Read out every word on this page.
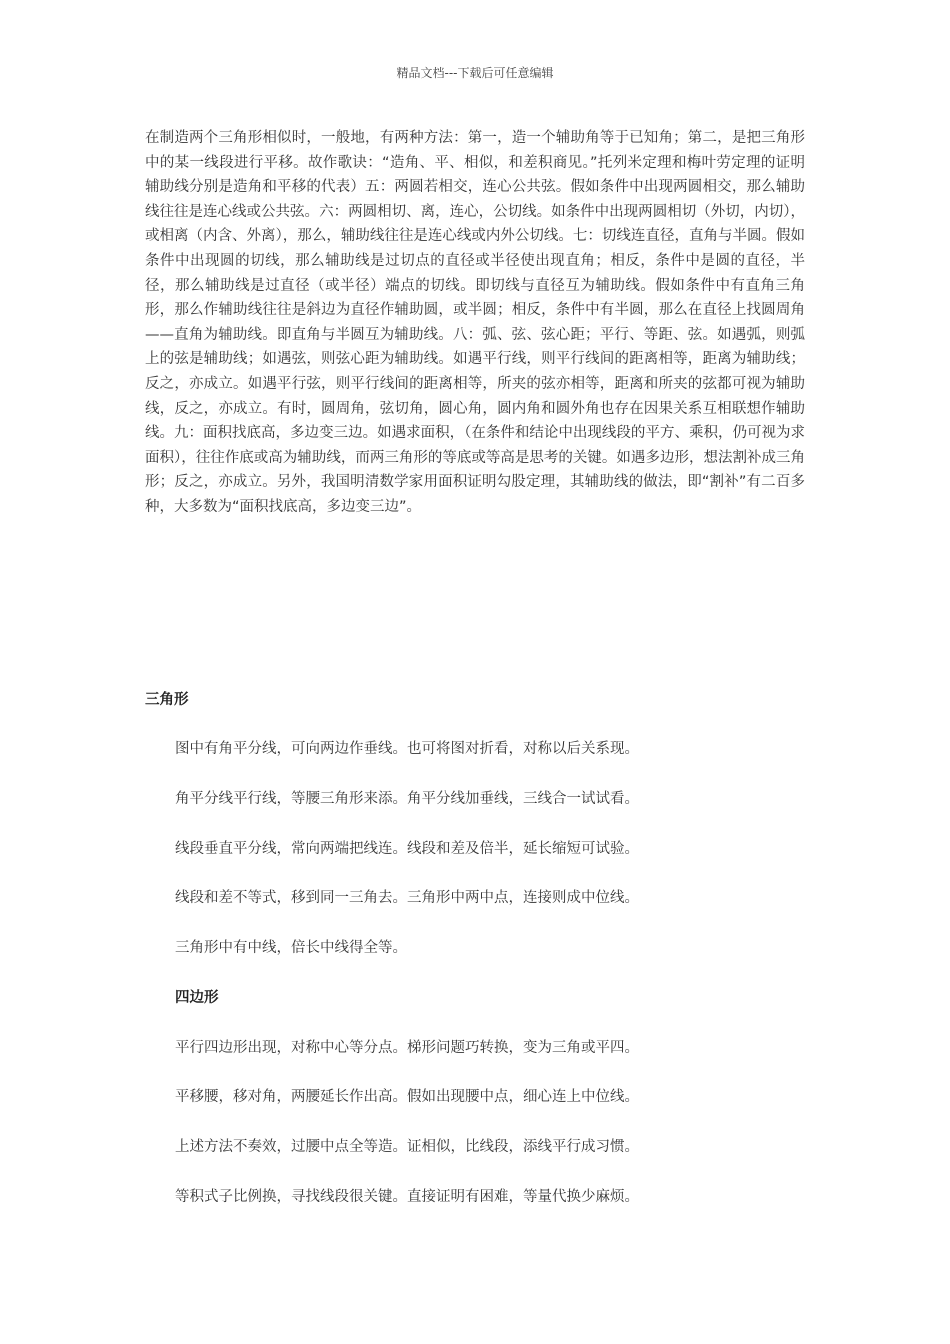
精品文档---下载后可任意编辑
在制造两个三角形相似时，一般地，有两种方法：第一，造一个辅助角等于已知角；第二，是把三角形中的某一线段进行平移。故作歌诀：“造角、平、相似，和差积商见。”托列米定理和梅叶劳定理的证明辅助线分别是造角和平移的代表）五：两圆若相交，连心公共弦。假如条件中出现两圆相交，那么辅助线往往是连心线或公共弦。六：两圆相切、离，连心，公切线。如条件中出现两圆相切（外切，内切），或相离（内含、外离），那么，辅助线往往是连心线或内外公切线。七：切线连直径，直角与半圆。假如条件中出现圆的切线，那么辅助线是过切点的直径或半径使出现直角；相反，条件中是圆的直径，半径，那么辅助线是过直径（或半径）端点的切线。即切线与直径互为辅助线。假如条件中有直角三角形，那么作辅助线往往是斜边为直径作辅助圆，或半圆；相反，条件中有半圆，那么在直径上找圆周角——直角为辅助线。即直角与半圆互为辅助线。八：弧、弦、弦心距；平行、等距、弦。如遇弧，则弧上的弦是辅助线；如遇弦，则弦心距为辅助线。如遇平行线，则平行线间的距离相等，距离为辅助线；反之，亦成立。如遇平行弦，则平行线间的距离相等，所夹的弦亦相等，距离和所夹的弦都可视为辅助线，反之，亦成立。有时，圆周角，弦切角，圆心角，圆内角和圆外角也存在因果关系互相联想作辅助线。九：面积找底高，多边变三边。如遇求面积，（在条件和结论中出现线段的平方、乘积，仍可视为求面积），往往作底或高为辅助线，而两三角形的等底或等高是思考的关键。如遇多边形，想法割补成三角形；反之，亦成立。另外，我国明清数学家用面积证明勾股定理，其辅助线的做法，即“割补”有二百多种，大多数为“面积找底高，多边变三边”。
三角形
图中有角平分线，可向两边作垂线。也可将图对折看，对称以后关系现。
角平分线平行线，等腰三角形来添。角平分线加垂线，三线合一试试看。
线段垂直平分线，常向两端把线连。线段和差及倍半，延长缩短可试验。
线段和差不等式，移到同一三角去。三角形中两中点，连接则成中位线。
三角形中有中线，倍长中线得全等。
四边形
平行四边形出现，对称中心等分点。梯形问题巧转换，变为三角或平四。
平移腰，移对角，两腰延长作出高。假如出现腰中点，细心连上中位线。
上述方法不奏效，过腰中点全等造。证相似，比线段，添线平行成习惯。
等积式子比例换，寻找线段很关键。直接证明有困难，等量代换少麻烦。
